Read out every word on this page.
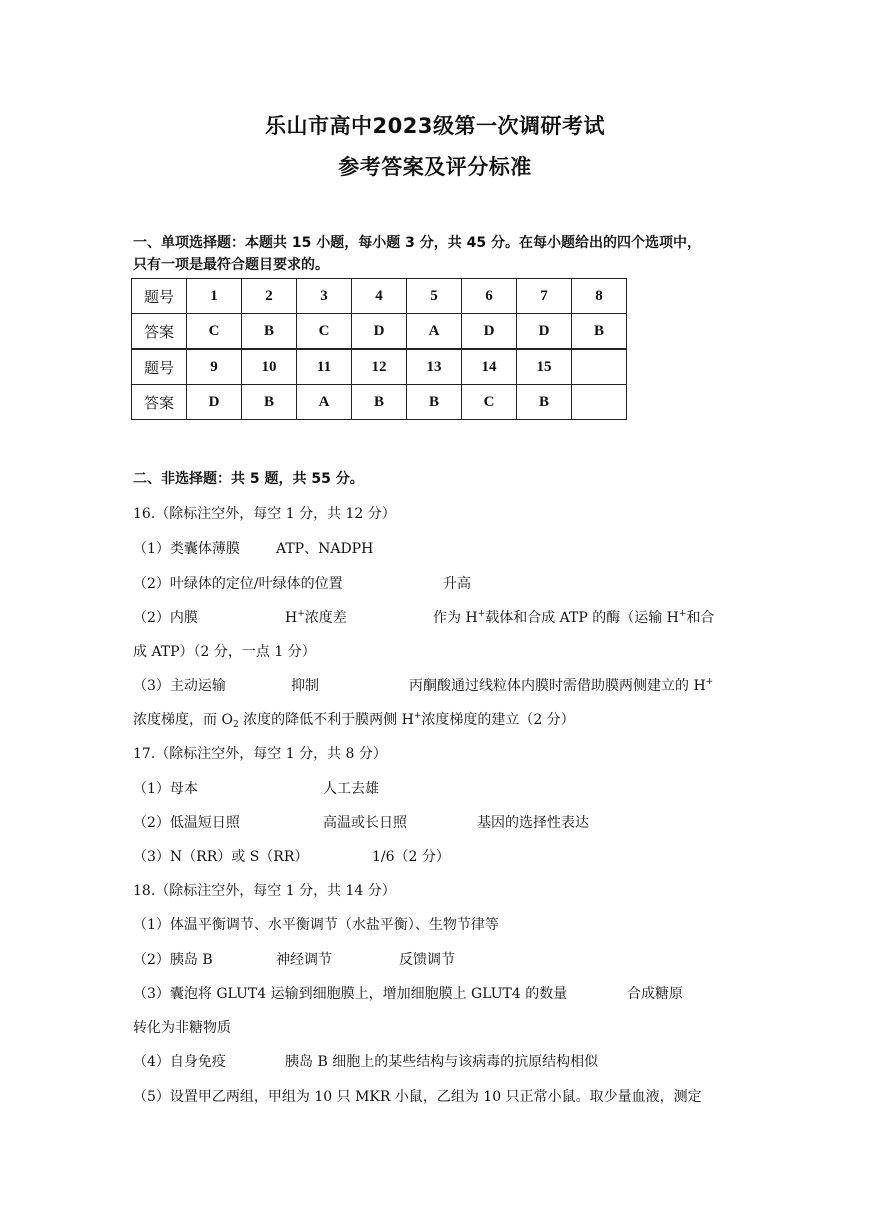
乐山市高中2023级第一次调研考试
参考答案及评分标准
一、单项选择题：本题共 15 小题，每小题 3 分，共 45 分。在每小题给出的四个选项中，
只有一项是最符合题目要求的。
题号	1	2	3	4	5	6	7	8
答案	C	B	C	D	A	D	D	B
题号	9	10	11	12	13	14	15	
答案	D	B	A	B	B	C	B	
二、非选择题：共 5 题，共 55 分。
16.（除标注空外，每空 1 分，共 12 分）
（1）类囊体薄膜	ATP、NADPH
（2）叶绿体的定位/叶绿体的位置	升高
（2）内膜	H+浓度差	作为 H+载体和合成 ATP 的酶（运输 H+和合
成 ATP）（2 分，一点 1 分）
（3）主动运输	抑制	丙酮酸通过线粒体内膜时需借助膜两侧建立的 H+
浓度梯度，而 $O_2$ 浓度的降低不利于膜两侧 H+浓度梯度的建立（2 分）
17.（除标注空外，每空 1 分，共 8 分）
（1）母本	人工去雄
（2）低温短日照	高温或长日照	基因的选择性表达
（3）N（RR）或 S（RR）	1/6（2 分）
18.（除标注空外，每空 1 分，共 14 分）
（1）体温平衡调节、水平衡调节（水盐平衡）、生物节律等
（2）胰岛 B	神经调节	反馈调节
（3）囊泡将 GLUT4 运输到细胞膜上，增加细胞膜上 GLUT4 的数量	合成糖原
转化为非糖物质
（4）自身免疫	胰岛 B 细胞上的某些结构与该病毒的抗原结构相似
（5）设置甲乙两组，甲组为 10 只 MKR 小鼠，乙组为 10 只正常小鼠。取少量血液，测定
